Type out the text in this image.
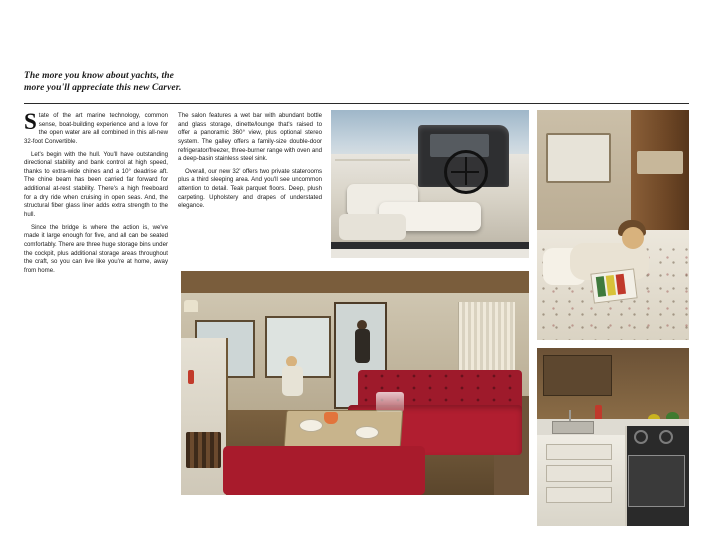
The more you know about yachts, the more you'll appreciate this new Carver.

State of the art marine technology, common sense, boat-building experience and a love for the open water are all combined in this all-new 32-foot Convertible.

Let's begin with the hull. You'll have outstanding directional stability and bank control at high speed, thanks to extra-wide chines and a 10° deadrise aft. The chine beam has been carried far forward for additional at-rest stability. There's a high freeboard for a dry ride when cruising in open seas. And, the structural fiber glass liner adds extra strength to the hull.

Since the bridge is where the action is, we've made it large enough for five, and all can be seated comfortably. There are three huge storage bins under the cockpit, plus additional storage areas throughout the craft, so you can live like you're at home, away from home.

The salon features a wet bar with abundant bottle and glass storage, dinette/lounge that's raised to offer a panoramic 360° view, plus optional stereo system. The galley offers a family-size double-door refrigerator/freezer, three-burner range with oven and a deep-basin stainless steel sink.

Overall, our new 32' offers two private staterooms plus a third sleeping area. And you'll see uncommon attention to detail. Teak parquet floors. Deep, plush carpeting. Upholstery and drapes of understated elegance.
